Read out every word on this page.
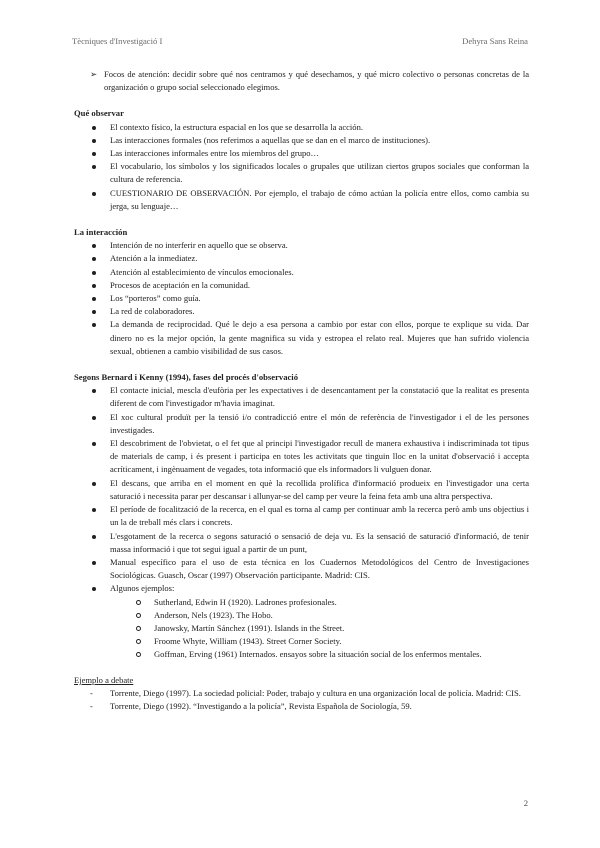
Tècniques d'Investigació I	Dehyra Sans Reina
➢ Focos de atención: decidir sobre qué nos centramos y qué desechamos, y qué micro colectivo o personas concretas de la organización o grupo social seleccionado elegimos.
Qué observar
El contexto físico, la estructura espacial en los que se desarrolla la acción.
Las interacciones formales (nos referimos a aquellas que se dan en el marco de instituciones).
Las interacciones informales entre los miembros del grupo…
El vocabulario, los símbolos y los significados locales o grupales que utilizan ciertos grupos sociales que conforman la cultura de referencia.
CUESTIONARIO DE OBSERVACIÓN. Por ejemplo, el trabajo de cómo actúan la policía entre ellos, como cambia su jerga, su lenguaje…
La interacción
Intención de no interferir en aquello que se observa.
Atención a la inmediatez.
Atención al establecimiento de vínculos emocionales.
Procesos de aceptación en la comunidad.
Los “porteros” como guía.
La red de colaboradores.
La demanda de reciprocidad. Qué le dejo a esa persona a cambio por estar con ellos, porque te explique su vida. Dar dinero no es la mejor opción, la gente magnifica su vida y estropea el relato real. Mujeres que han sufrido violencia sexual, obtienen a cambio visibilidad de sus casos.
Segons Bernard i Kenny (1994), fases del procés d'observació
El contacte inicial, mescla d'eufòria per les expectatives i de desencantament per la constatació que la realitat es presenta diferent de com l'investigador m'havia imaginat.
El xoc cultural produït per la tensió i/o contradicció entre el món de referència de l'investigador i el de les persones investigades.
El descobriment de l'obvietat, o el fet que al principi l'investigador recull de manera exhaustiva i indiscriminada tot tipus de materials de camp, i és present i participa en totes les activitats que tinguin lloc en la unitat d'observació i accepta acríticament, i ingènuament de vegades, tota informació que els informadors li vulguen donar.
El descans, que arriba en el moment en què la recollida prolífica d'informació produeix en l'investigador una certa saturació i necessita parar per descansar i allunyar-se del camp per veure la feina feta amb una altra perspectiva.
El període de focalització de la recerca, en el qual es torna al camp per continuar amb la recerca però amb uns objectius i un la de treball més clars i concrets.
L'esgotament de la recerca o segons saturació o sensació de deja vu. Es la sensació de saturació d'informació, de tenir massa informació i que tot segui igual a partir de un punt,
Manual específico para el uso de esta técnica en los Cuadernos Metodológicos del Centro de Investigaciones Sociológicas. Guasch, Oscar (1997) Observación participante. Madrid: CIS.
Algunos ejemplos:
Sutherland, Edwin H (1920). Ladrones profesionales.
Anderson, Nels (1923). The Hobo.
Janowsky, Martín Sánchez (1991). Islands in the Street.
Froome Whyte, William (1943). Street Corner Society.
Goffman, Erving (1961) Internados. ensayos sobre la situación social de los enfermos mentales.
Ejemplo a debate
- Torrente, Diego (1997). La sociedad policial: Poder, trabajo y cultura en una organización local de policía. Madrid: CIS.
- Torrente, Diego (1992). “Investigando a la policía”, Revista Española de Sociología, 59.
2
